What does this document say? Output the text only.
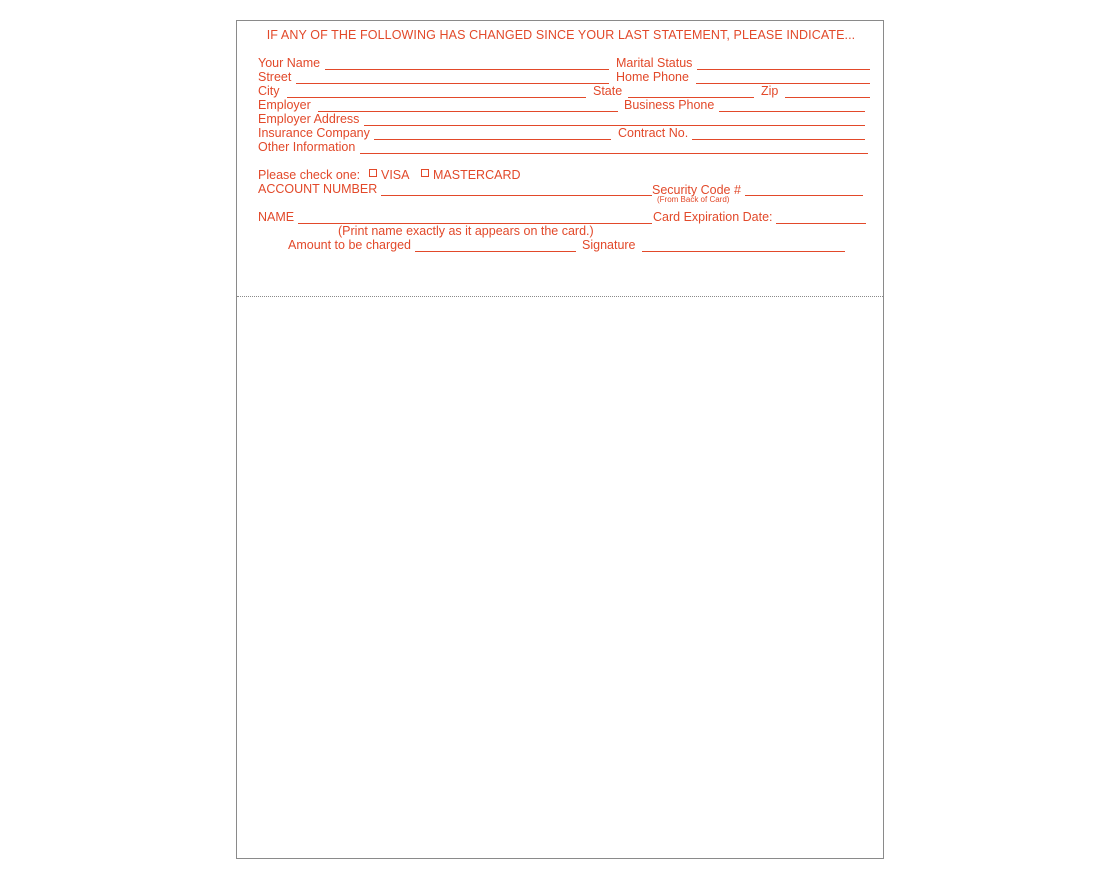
IF ANY OF THE FOLLOWING HAS CHANGED SINCE YOUR LAST STATEMENT, PLEASE INDICATE...
Your Name	Marital Status
Street	Home Phone
City	State	Zip
Employer	Business Phone
Employer Address
Insurance Company	Contract No.
Other Information
Please check one: VISA MASTERCARD
ACCOUNT NUMBER	Security Code #
(From Back of Card)
NAME	Card Expiration Date:
(Print name exactly as it appears on the card.)
Amount to be charged	Signature
